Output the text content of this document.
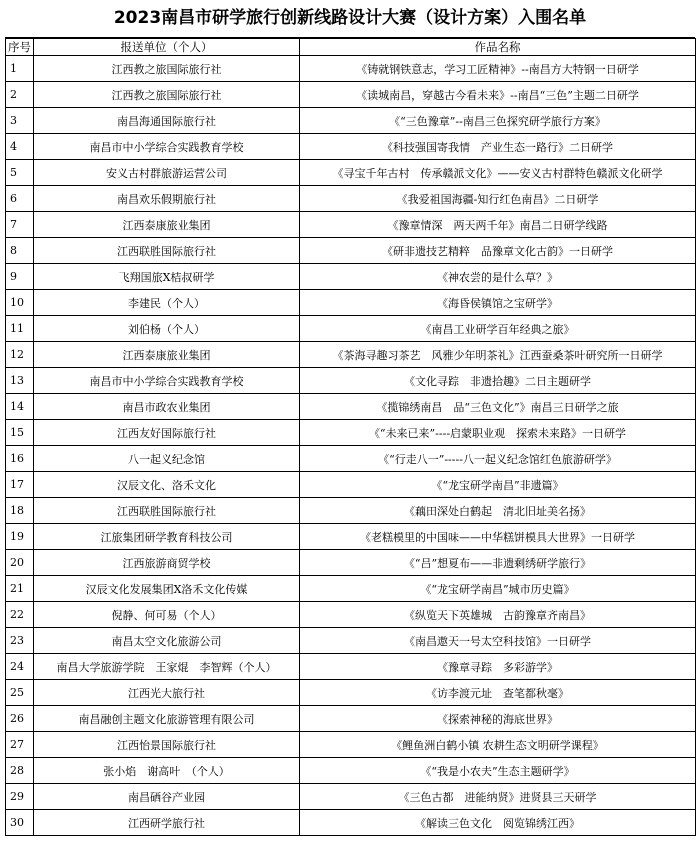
2023南昌市研学旅行创新线路设计大赛（设计方案）入围名单
序号	报送单位（个人）	作品名称
1	江西教之旅国际旅行社	《铸就钢铁意志，学习工匠精神》--南昌方大特钢一日研学
2	江西教之旅国际旅行社	《读城南昌，穿越古今看未来》--南昌“三色”主题二日研学
3	南昌海通国际旅行社	《“三色豫章”--南昌三色探究研学旅行方案》
4	南昌市中小学综合实践教育学校	《科技强国寄我情　产业生态一路行》二日研学
5	安义古村群旅游运营公司	《寻宝千年古村　传承赣派文化》——安义古村群特色赣派文化研学
6	南昌欢乐假期旅行社	《我爱祖国海疆-知行红色南昌》二日研学
7	江西泰康旅业集团	《豫章情深　两天两千年》南昌二日研学线路
8	江西联胜国际旅行社	《研非遗技艺精粹　品豫章文化古韵》一日研学
9	飞翔国旅X桔叔研学	《神农尝的是什么草？》
10	李建民（个人）	《海昏侯镇馆之宝研学》
11	刘伯杨（个人）	《南昌工业研学百年经典之旅》
12	江西泰康旅业集团	《茶海寻趣习茶艺　风雅少年明茶礼》江西蚕桑茶叶研究所一日研学
13	南昌市中小学综合实践教育学校	《文化寻踪　非遗拾趣》二日主题研学
14	南昌市政农业集团	《揽锦绣南昌　品“三色文化”》南昌三日研学之旅
15	江西友好国际旅行社	《“未来已来”----启蒙职业观　探索未来路》一日研学
16	八一起义纪念馆	《“行走八一”-----八一起义纪念馆红色旅游研学》
17	汉辰文化、洛禾文化	《“龙宝研学南昌”非遗篇》
18	江西联胜国际旅行社	《藕田深处白鹤起　清北旧址美名扬》
19	江旅集团研学教育科技公司	《老糕模里的中国味——中华糕饼模具大世界》一日研学
20	江西旅游商贸学校	《“吕”想夏布——非遗剩绣研学旅行》
21	汉辰文化发展集团X洛禾文化传媒	《“龙宝研学南昌”城市历史篇》
22	倪静、何可易（个人）	《纵览天下英雄城　古韵豫章齐南昌》
23	南昌太空文化旅游公司	《南昌遨天一号太空科技馆》一日研学
24	南昌大学旅游学院　王家焜　李智辉（个人）	《豫章寻踪　多彩游学》
25	江西光大旅行社	《访李渡元址　查笔都秋毫》
26	南昌融创主题文化旅游管理有限公司	《探索神秘的海底世界》
27	江西怡景国际旅行社	《鲤鱼洲白鹤小镇 农耕生态文明研学课程》
28	张小焰　谢高叶　（个人）	《“我是小农夫”生态主题研学》
29	南昌硒谷产业园	《三色古都　进能纳贤》进贤县三天研学
30	江西研学旅行社	《解读三色文化　阅览锦绣江西》
